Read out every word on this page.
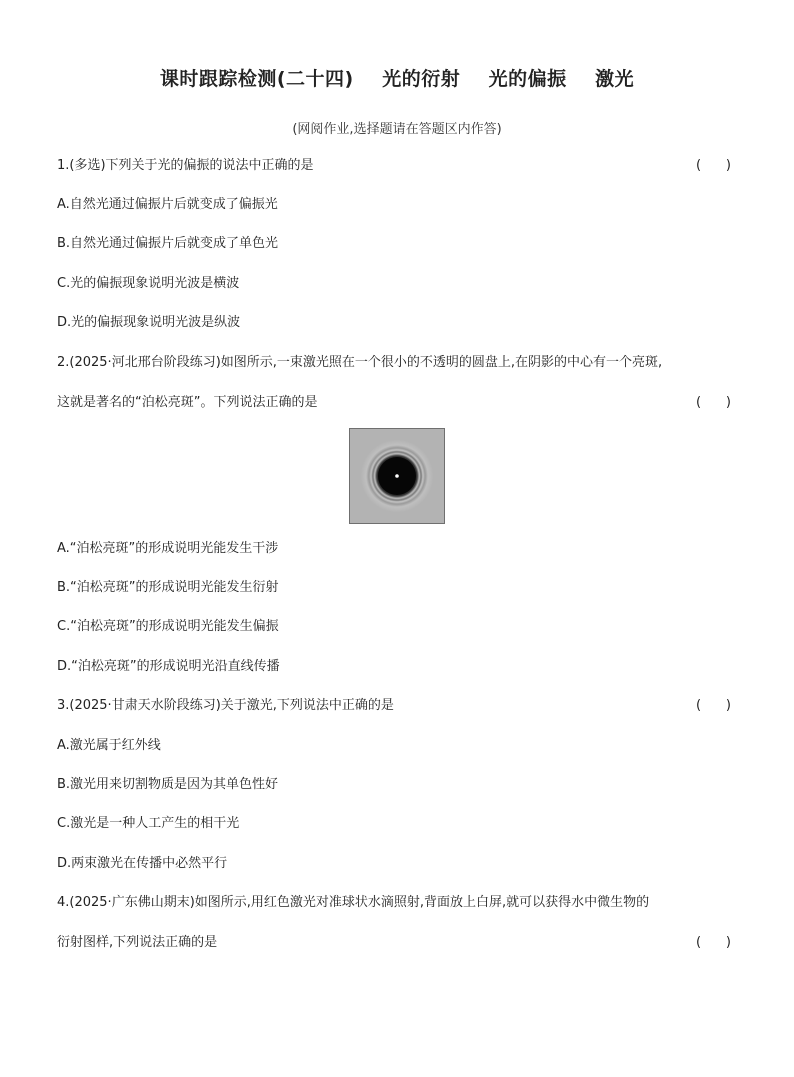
课时跟踪检测(二十四)    光的衍射    光的偏振    激光
(网阅作业,选择题请在答题区内作答)
1.(多选)下列关于光的偏振的说法中正确的是	(      )
A.自然光通过偏振片后就变成了偏振光
B.自然光通过偏振片后就变成了单色光
C.光的偏振现象说明光波是横波
D.光的偏振现象说明光波是纵波
2.(2025·河北邢台阶段练习)如图所示,一束激光照在一个很小的不透明的圆盘上,在阴影的中心有一个亮斑,
这就是著名的“泊松亮斑”。下列说法正确的是	(      )
A.“泊松亮斑”的形成说明光能发生干涉
B.“泊松亮斑”的形成说明光能发生衍射
C.“泊松亮斑”的形成说明光能发生偏振
D.“泊松亮斑”的形成说明光沿直线传播
3.(2025·甘肃天水阶段练习)关于激光,下列说法中正确的是	(      )
A.激光属于红外线
B.激光用来切割物质是因为其单色性好
C.激光是一种人工产生的相干光
D.两束激光在传播中必然平行
4.(2025·广东佛山期末)如图所示,用红色激光对准球状水滴照射,背面放上白屏,就可以获得水中微生物的
衍射图样,下列说法正确的是	(      )
